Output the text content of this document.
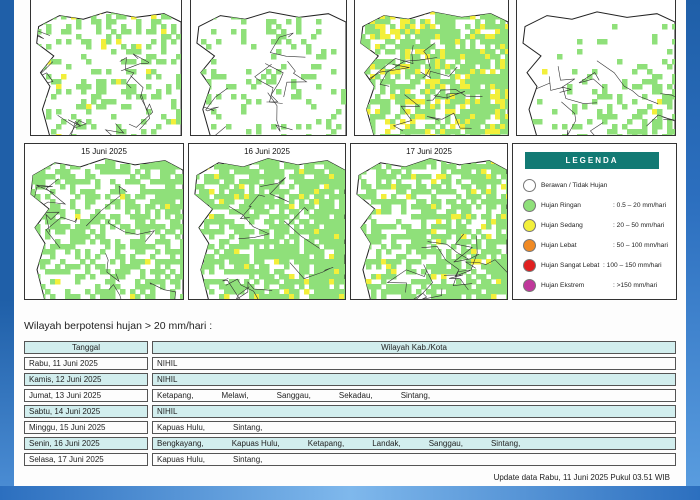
15 Juni 2025	16 Juni 2025	17 Juni 2025
LEGENDA
Berawan / Tidak Hujan
Hujan Ringan	: 0.5 – 20 mm/hari
Hujan Sedang	: 20 – 50 mm/hari
Hujan Lebat	: 50 – 100 mm/hari
Hujan Sangat Lebat : 100 – 150 mm/hari
Hujan Ekstrem	: >150 mm/hari
Wilayah berpotensi hujan > 20 mm/hari :
Tanggal		Wilayah Kab./Kota
Rabu, 11 Juni 2025		NIHIL
Kamis, 12 Juni 2025		NIHIL
Jumat, 13 Juni 2025		Ketapang, Melawi, Sanggau, Sekadau, Sintang,
Sabtu, 14 Juni 2025		NIHIL
Minggu, 15 Juni 2025		Kapuas Hulu, Sintang,
Senin, 16 Juni 2025		Bengkayang, Kapuas Hulu, Ketapang, Landak, Sanggau, Sintang,
Selasa, 17 Juni 2025		Kapuas Hulu, Sintang,
Update data Rabu, 11 Juni 2025 Pukul 03.51 WIB
